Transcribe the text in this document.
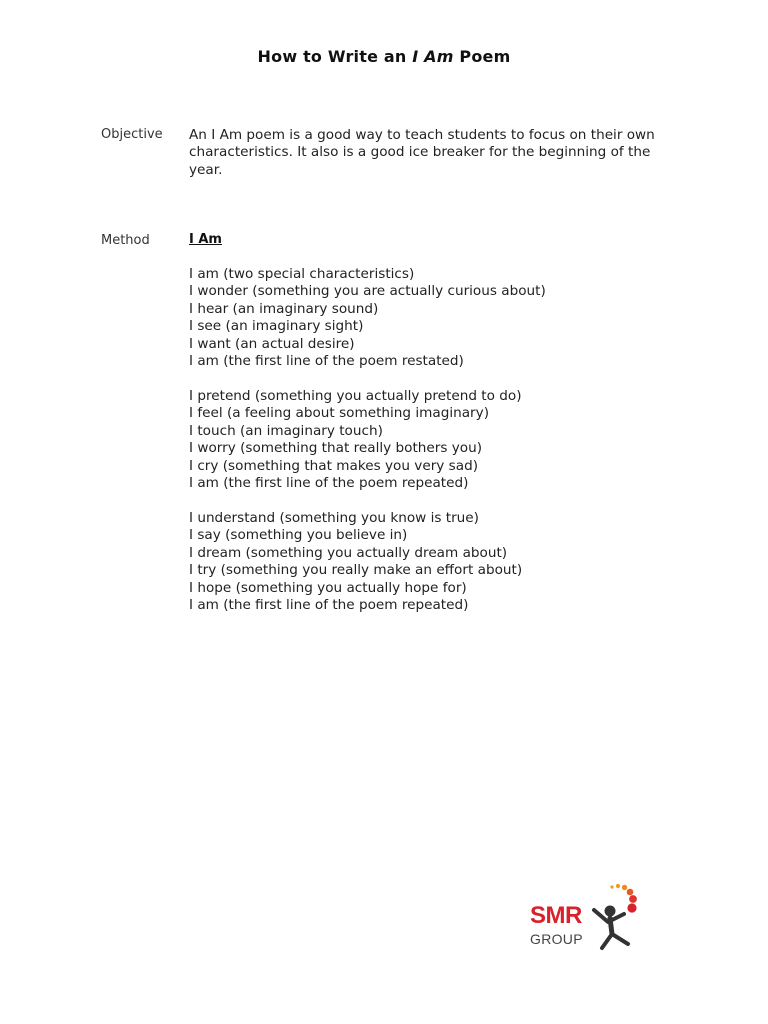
How to Write an I Am Poem
Objective An I Am poem is a good way to teach students to focus on their own characteristics. It also is a good ice breaker for the beginning of the year.
Method	I Am
I am (two special characteristics)
I wonder (something you are actually curious about)
I hear (an imaginary sound)
I see (an imaginary sight)
I want (an actual desire)
I am (the first line of the poem restated)
I pretend (something you actually pretend to do)
I feel (a feeling about something imaginary)
I touch (an imaginary touch)
I worry (something that really bothers you)
I cry (something that makes you very sad)
I am (the first line of the poem repeated)
I understand (something you know is true)
I say (something you believe in)
I dream (something you actually dream about)
I try (something you really make an effort about)
I hope (something you actually hope for)
I am (the first line of the poem repeated)
SMR
GROUP
